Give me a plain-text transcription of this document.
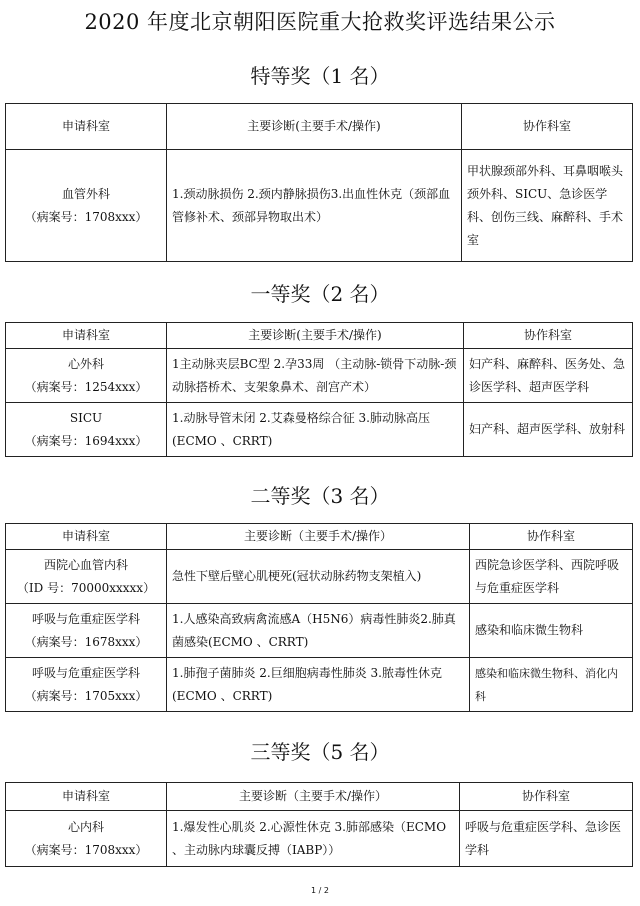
2020 年度北京朝阳医院重大抢救奖评选结果公示
特等奖（1 名）
申请科室	主要诊断(主要手术/操作)	协作科室

血管外科
（病案号：1708xxx）	1.颈动脉损伤 2.颈内静脉损伤3.出血性休克（颈部血管修补术、颈部异物取出术）	甲状腺颈部外科、耳鼻咽喉头颈外科、SICU、急诊医学科、创伤三线、麻醉科、手术室
一等奖（2 名）
申请科室	主要诊断(主要手术/操作)	协作科室

心外科
（病案号：1254xxx）	1主动脉夹层BC型 2.孕33周 （主动脉-锁骨下动脉-颈动脉搭桥术、支架象鼻术、剖宫产术）	妇产科、麻醉科、医务处、急诊医学科、超声医学科

SICU
（病案号：1694xxx）	1.动脉导管未闭 2.艾森曼格综合征 3.肺动脉高压(ECMO 、CRRT)	妇产科、超声医学科、放射科
二等奖（3 名）
申请科室	主要诊断（主要手术/操作）	协作科室

西院心血管内科
（ID 号：70000xxxxx）	急性下壁后壁心肌梗死(冠状动脉药物支架植入)	西院急诊医学科、西院呼吸与危重症医学科

呼吸与危重症医学科
（病案号：1678xxx）	1.人感染高致病禽流感A（H5N6）病毒性肺炎2.肺真菌感染(ECMO 、CRRT)	感染和临床微生物科

呼吸与危重症医学科
（病案号：1705xxx）	1.肺孢子菌肺炎 2.巨细胞病毒性肺炎 3.脓毒性休克(ECMO 、CRRT)	感染和临床微生物科、消化内科
三等奖（5 名）
申请科室	主要诊断（主要手术/操作）	协作科室

心内科
（病案号：1708xxx）	1.爆发性心肌炎 2.心源性休克 3.肺部感染（ECMO 、主动脉内球囊反搏（IABP））	呼吸与危重症医学科、急诊医学科
1 / 2
